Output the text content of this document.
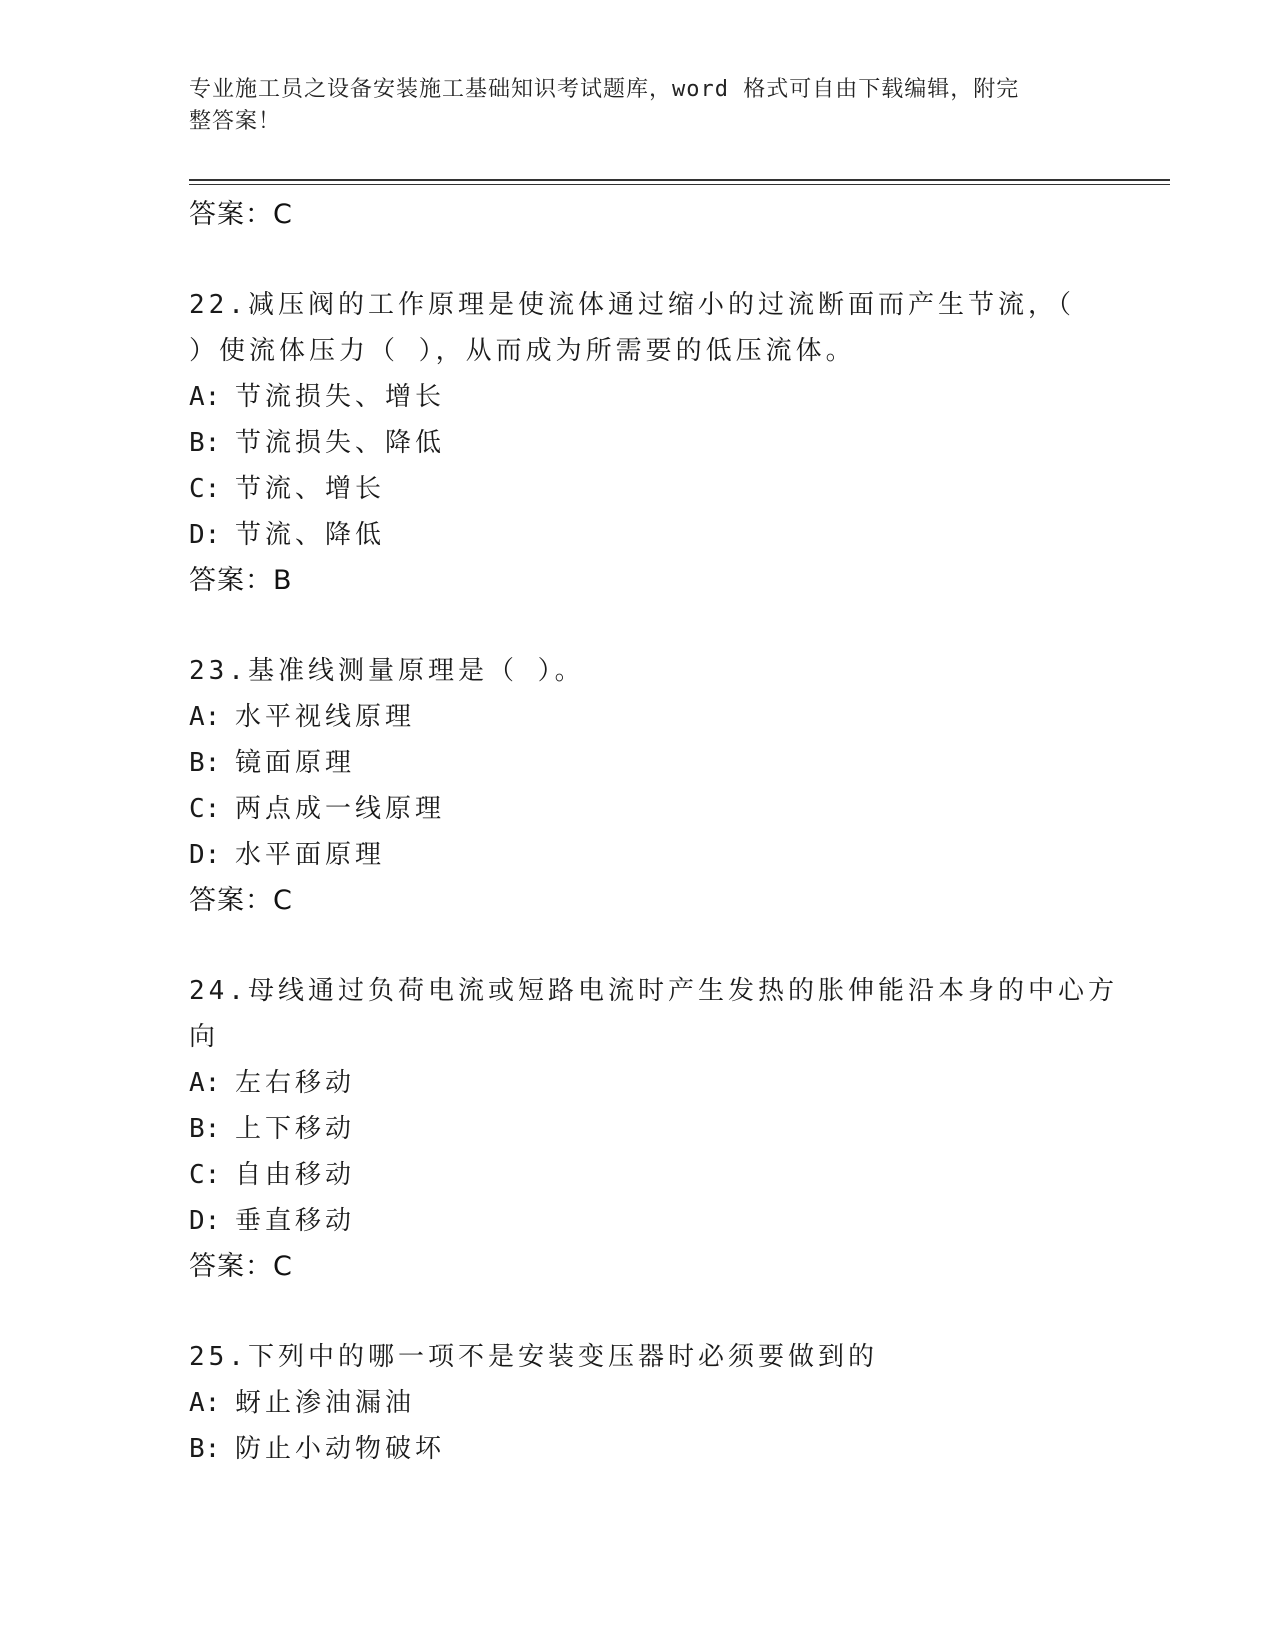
专业施工员之设备安装施工基础知识考试题库，word 格式可自由下载编辑，附完
整答案！
答案：C
22.减压阀的工作原理是使流体通过缩小的过流断面而产生节流，（
）使流体压力（ ），从而成为所需要的低压流体。
A: 节流损失、增长
B: 节流损失、降低
C: 节流、增长
D: 节流、降低
答案：B
23.基准线测量原理是（ ）。
A: 水平视线原理
B: 镜面原理
C: 两点成一线原理
D: 水平面原理
答案：C
24.母线通过负荷电流或短路电流时产生发热的胀伸能沿本身的中心方
向
A: 左右移动
B: 上下移动
C: 自由移动
D: 垂直移动
答案：C
25.下列中的哪一项不是安装变压器时必须要做到的
A: 蚜止渗油漏油
B: 防止小动物破坏
